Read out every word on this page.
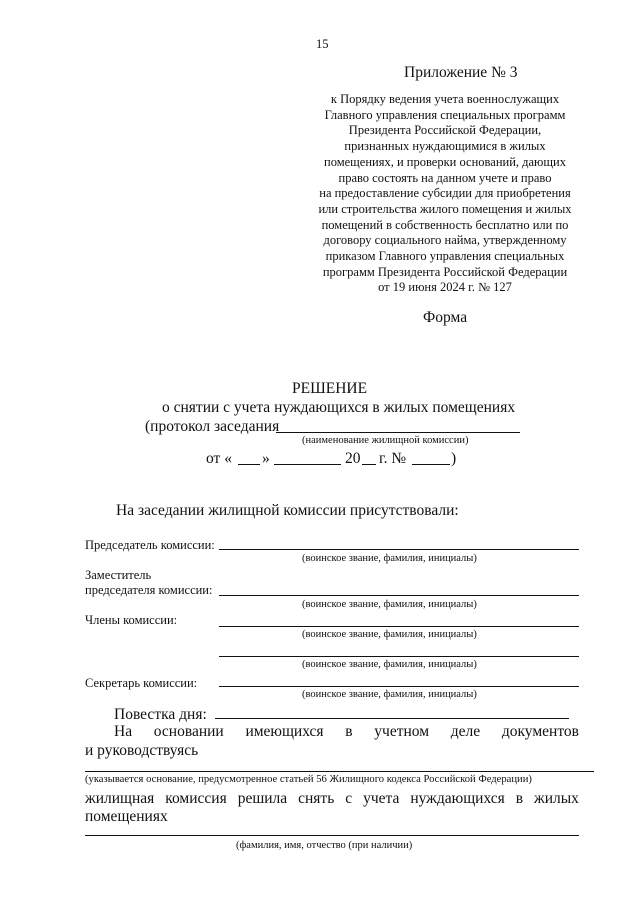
15
Приложение № 3
к Порядку ведения учета военнослужащих
Главного управления специальных программ
Президента Российской Федерации,
признанных нуждающимися в жилых
помещениях, и проверки оснований, дающих
право состоять на данном учете и право
на предоставление субсидии для приобретения
или строительства жилого помещения и жилых
помещений в собственность бесплатно или по
договору социального найма, утвержденному
приказом Главного управления специальных
программ Президента Российской Федерации
от 19 июня 2024 г. № 127
Форма
РЕШЕНИЕ
о снятии с учета нуждающихся в жилых помещениях
(протокол заседания
(наименование жилищной комиссии)
от « »	20 г. №	)
На заседании жилищной комиссии присутствовали:
Председатель комиссии:
(воинское звание, фамилия, инициалы)
Заместитель
председателя комиссии:
(воинское звание, фамилия, инициалы)
Члены комиссии:
(воинское звание, фамилия, инициалы)
(воинское звание, фамилия, инициалы)
Секретарь комиссии:
(воинское звание, фамилия, инициалы)
Повестка дня:
На основании имеющихся в учетном деле документов
и руководствуясь
(указывается основание, предусмотренное статьей 56 Жилищного кодекса Российской Федерации)
жилищная комиссия решила снять с учета нуждающихся в жилых
помещениях
(фамилия, имя, отчество (при наличии)
